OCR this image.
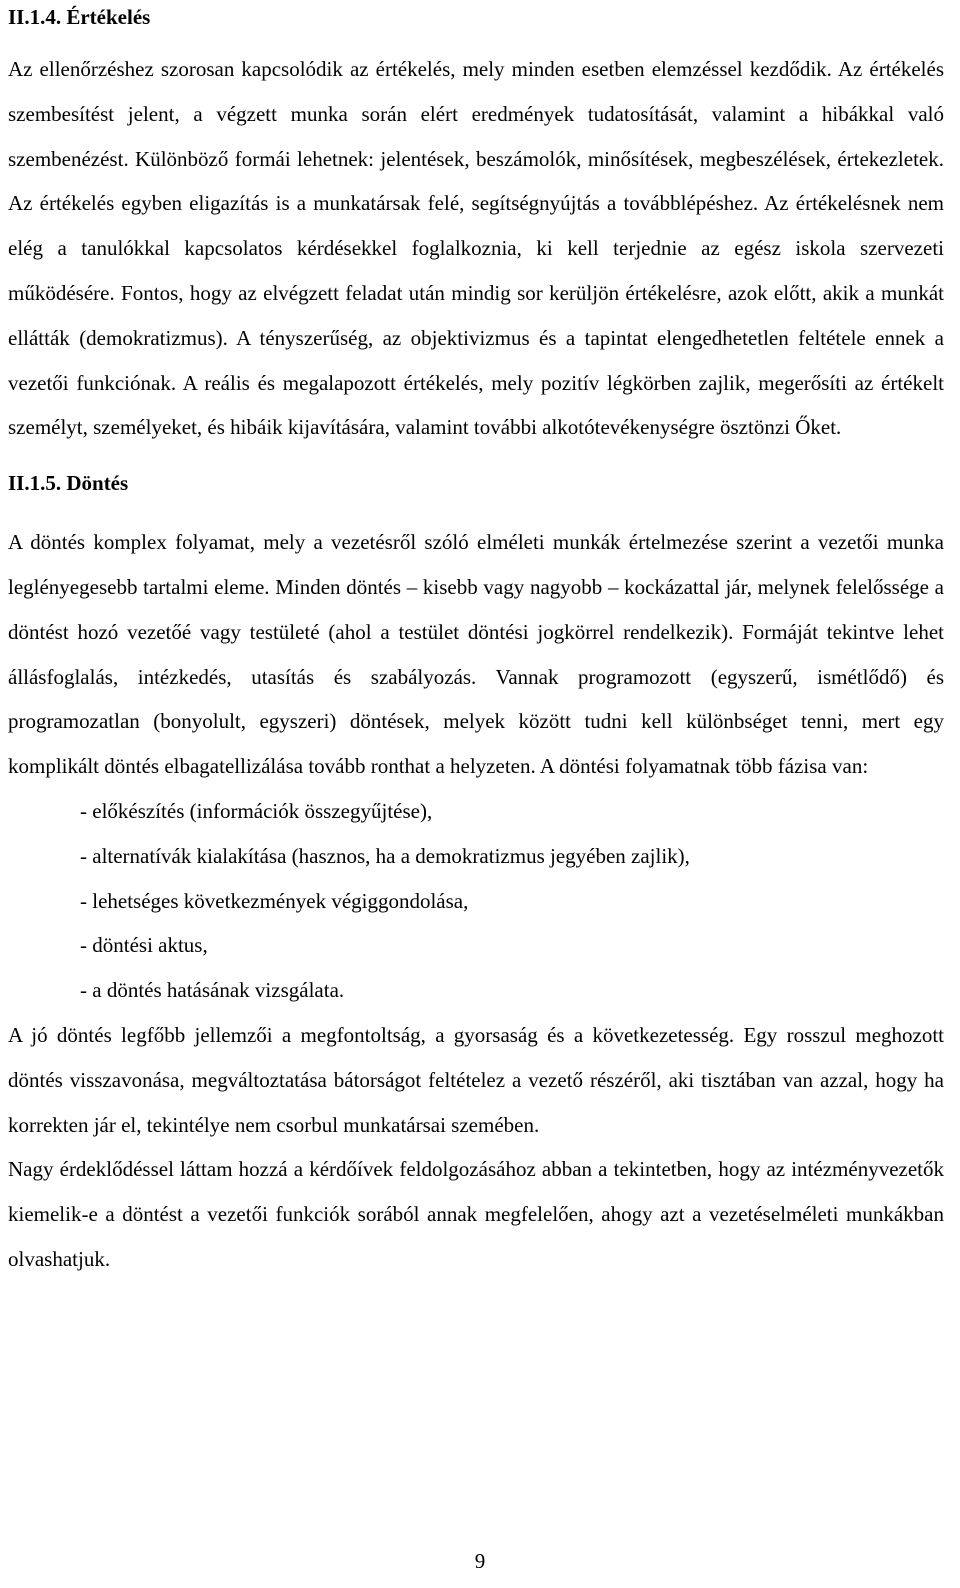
II.1.4. Értékelés

Az ellenőrzéshez szorosan kapcsolódik az értékelés, mely minden esetben elemzéssel kezdődik. Az értékelés szembesítést jelent, a végzett munka során elért eredmények tudatosítását, valamint a hibákkal való szembenézést. Különböző formái lehetnek: jelentések, beszámolók, minősítések, megbeszélések, értekezletek. Az értékelés egyben eligazítás is a munkatársak felé, segítségnyújtás a továbblépéshez. Az értékelésnek nem elég a tanulókkal kapcsolatos kérdésekkel foglalkoznia, ki kell terjednie az egész iskola szervezeti működésére. Fontos, hogy az elvégzett feladat után mindig sor kerüljön értékelésre, azok előtt, akik a munkát ellátták (demokratizmus). A tényszerűség, az objektivizmus és a tapintat elengedhetetlen feltétele ennek a vezetői funkciónak. A reális és megalapozott értékelés, mely pozitív légkörben zajlik, megerősíti az értékelt személyt, személyeket, és hibáik kijavítására, valamint további alkotótevékenységre ösztönzi Őket.

II.1.5. Döntés

A döntés komplex folyamat, mely a vezetésről szóló elméleti munkák értelmezése szerint a vezetői munka leglényegesebb tartalmi eleme. Minden döntés – kisebb vagy nagyobb – kockázattal jár, melynek felelőssége a döntést hozó vezetőé vagy testületé (ahol a testület döntési jogkörrel rendelkezik). Formáját tekintve lehet állásfoglalás, intézkedés, utasítás és szabályozás. Vannak programozott (egyszerű, ismétlődő) és programozatlan (bonyolult, egyszeri) döntések, melyek között tudni kell különbséget tenni, mert egy komplikált döntés elbagatellizálása tovább ronthat a helyzeten. A döntési folyamatnak több fázisa van:

- előkészítés (információk összegyűjtése),
- alternatívák kialakítása (hasznos, ha a demokratizmus jegyében zajlik),
- lehetséges következmények végiggondolása,
- döntési aktus,
- a döntés hatásának vizsgálata.

A jó döntés legfőbb jellemzői a megfontoltság, a gyorsaság és a következetesség. Egy rosszul meghozott döntés visszavonása, megváltoztatása bátorságot feltételez a vezető részéről, aki tisztában van azzal, hogy ha korrekten jár el, tekintélye nem csorbul munkatársai szemében.

Nagy érdeklődéssel láttam hozzá a kérdőívek feldolgozásához abban a tekintetben, hogy az intézményvezetők kiemelik-e a döntést a vezetői funkciók sorából annak megfelelően, ahogy azt a vezetéselméleti munkákban olvashatjuk.

9
